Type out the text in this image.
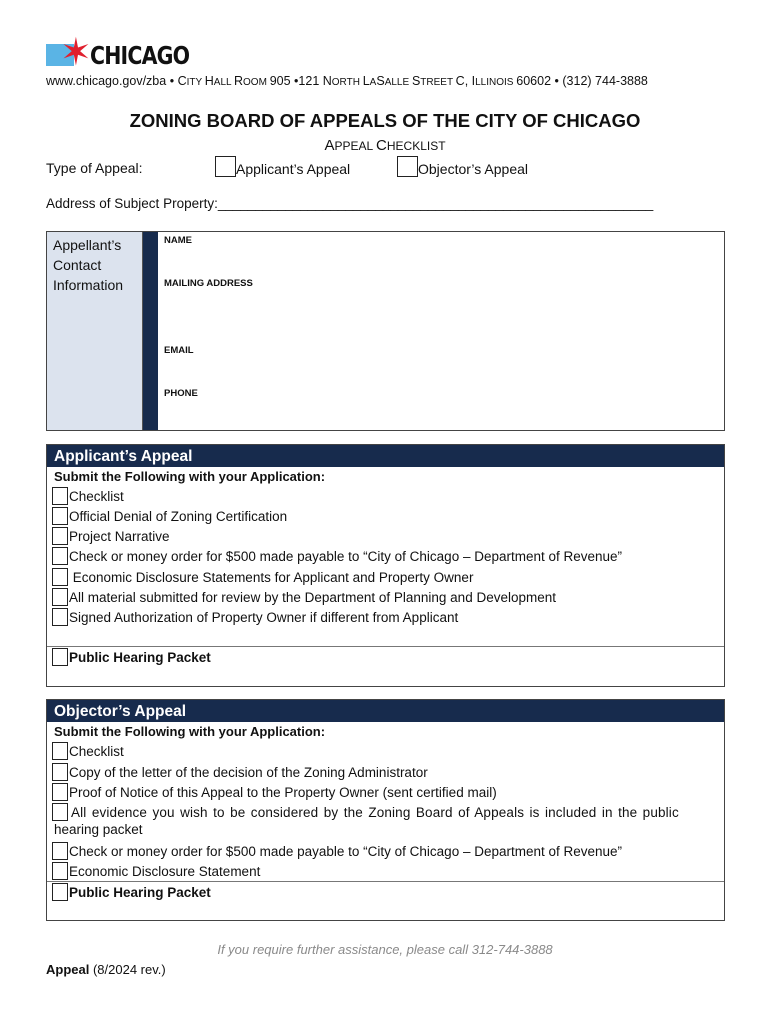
✶
CHICAGO
www.chicago.gov/zba • CITY HALL ROOM 905 •121 NORTH LASALLE STREET C, ILLINOIS 60602 • (312) 744-3888
ZONING BOARD OF APPEALS OF THE CITY OF CHICAGO
APPEAL CHECKLIST
Type of Appeal:	Applicant’s Appeal	Objector’s Appeal
Address of Subject Property:__________________________________________________________
Appellant’s
Contact
Information
NAME
MAILING ADDRESS
EMAIL
PHONE
Applicant’s Appeal
Submit the Following with your Application:
Checklist
Official Denial of Zoning Certification
Project Narrative
Check or money order for $500 made payable to “City of Chicago – Department of Revenue”
Economic Disclosure Statements for Applicant and Property Owner
All material submitted for review by the Department of Planning and Development
Signed Authorization of Property Owner if different from Applicant
Public Hearing Packet
Objector’s Appeal
Submit the Following with your Application:
Checklist
Copy of the letter of the decision of the Zoning Administrator
Proof of Notice of this Appeal to the Property Owner (sent certified mail)
All evidence you wish to be considered by the Zoning Board of Appeals is included in the public
hearing packet
Check or money order for $500 made payable to “City of Chicago – Department of Revenue”
Economic Disclosure Statement
Public Hearing Packet
If you require further assistance, please call 312-744-3888
Appeal (8/2024 rev.)
